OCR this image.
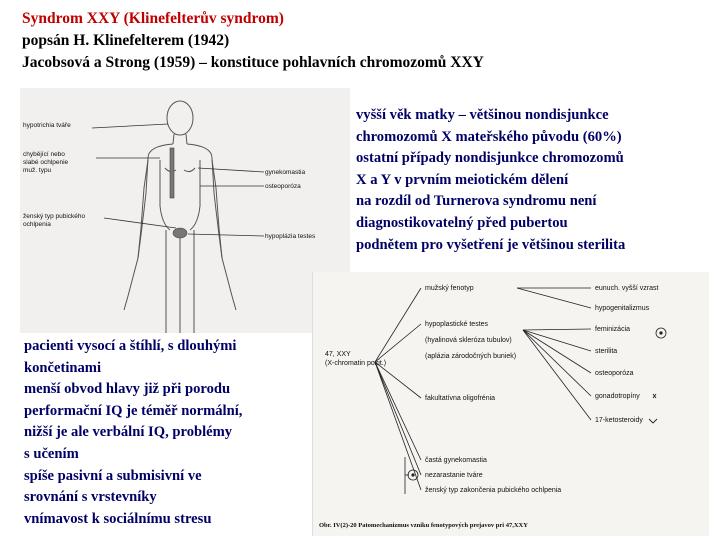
Syndrom XXY (Klinefelterův syndrom)
popsán H. Klinefelterem (1942)
Jacobsová a Strong (1959) – konstituce pohlavních chromozomů XXY
hypotrichia tváře
chybějící nebo
slabé ochlpenie
muž. typu	gynekomastia
osteoporóza
ženský typ pubického
ochlpenia
hypoplázia testes
vyšší věk matky – většinou nondisjunkce
chromozomů X mateřského původu (60%)
ostatní případy nondisjunkce chromozomů
X a Y v prvním meiotickém dělení
na rozdíl od Turnerova syndromu není
diagnostikovatelný před pubertou
podnětem pro vyšetření je většinou sterilita
pacienti vysocí a štíhlí, s dlouhými
končetinami
menší obvod hlavy již při porodu
performační IQ je téměř normální,
nižší je ale verbální IQ, problémy
s učením
spíše pasivní a submisivní ve
srovnání s vrstevníky
vnímavost k sociálnímu stresu
47, XXY
(X-chromatin pozit.)
mužský fenotyp
hypoplastické testes
(hyalinová skleróza tubulov)
(aplázia zárodočných buniek)
fakultatívna oligofrénia
častá gynekomastia
nezarastanie tváre
ženský typ zakončenia pubického ochlpenia
eunuch. vyšší vzrast
hypogenitalizmus
feminizácia
sterilita
osteoporóza
gonadotropíny
17-ketosteroidy
Obr. IV(2)-20 Patomechanizmus vzniku fenotypových prejavov pri 47,XXY
